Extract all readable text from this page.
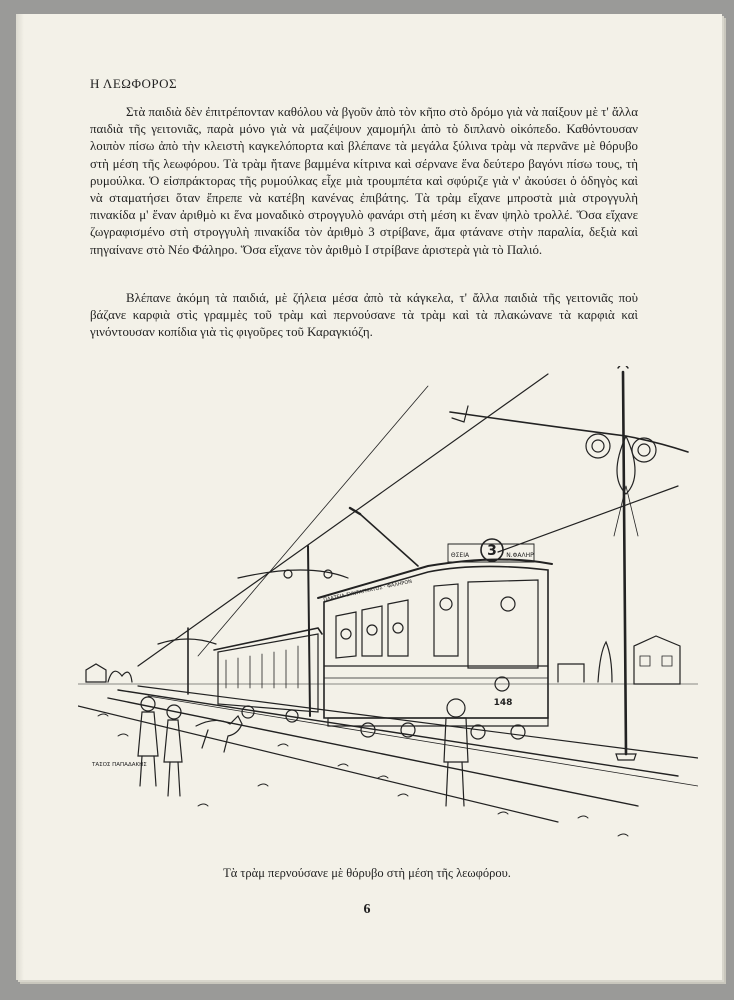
Η ΛΕΩΦΟΡΟΣ

Στὰ παιδιὰ δὲν ἐπιτρέπονταν καθόλου νὰ βγοῦν ἀπὸ τὸν κῆπο στὸ δρόμο γιὰ νὰ παίξουν μὲ τ' ἄλλα παιδιὰ τῆς γειτονιᾶς, παρὰ μόνο γιὰ νὰ μαζέψουν χαμομήλι ἀπὸ τὸ διπλανὸ οἰκόπεδο. Καθόντουσαν λοιπὸν πίσω ἀπὸ τὴν κλειστὴ καγκελόπορτα καὶ βλέπανε τὰ μεγάλα ξύλινα τρὰμ νὰ περνᾶνε μὲ θόρυβο στὴ μέση τῆς λεωφόρου. Τὰ τρὰμ ἤτανε βαμμένα κίτρινα καὶ σέρνανε ἕνα δεύτερο βαγόνι πίσω τους, τὴ ρυμούλκα. Ὁ εἰσπράκτορας τῆς ρυμούλκας εἶχε μιὰ τρουμπέτα καὶ σφύριζε γιὰ ν' ἀκούσει ὁ ὁδηγὸς καὶ νὰ σταματήσει ὅταν ἔπρεπε νὰ κατέβη κανένας ἐπιβάτης. Τὰ τρὰμ εἴχανε μπροστὰ μιὰ στρογγυλὴ πινακίδα μ' ἕναν ἀριθμὸ κι ἕνα μοναδικὸ στρογγυλὸ φανάρι στὴ μέση κι ἕναν ψηλὸ τρολλέ. Ὅσα εἴχανε ζωγραφισμένο στὴ στρογγυλὴ πινακίδα τὸν ἀριθμὸ 3 στρίβανε, ἅμα φτάνανε στὴν παραλία, δεξιὰ καὶ πηγαίνανε στὸ Νέο Φάληρο. Ὅσα εἴχανε τὸν ἀριθμὸ I στρίβανε ἀριστερὰ γιὰ τὸ Παλιό.

Βλέπανε ἀκόμη τὰ παιδιά, μὲ ζήλεια μέσα ἀπὸ τὰ κάγκελα, τ' ἄλλα παιδιὰ τῆς γειτονιᾶς ποὺ βάζανε καρφιὰ στὶς γραμμὲς τοῦ τρὰμ καὶ περνούσανε τὰ τρὰμ καὶ τὰ πλακώνανε τὰ καρφιὰ καὶ γινόντουσαν κοπίδια γιὰ τὶς φιγοῦρες τοῦ Καραγκιόζη.

3
ΘΣΕΙΑ	Ν.ΦΑΛΗΡ
148
ΠΛΑΤΕΙΑ ΣΥΝΤΑΓΜΑΤΟΣ · ΦΑΛΗΡΟΝ
ΤΑΣΟΣ ΠΑΠΑΔΑΚΗΣ
Τὰ τρὰμ περνούσανε μὲ θόρυβο στὴ μέση τῆς λεωφόρου.
6
